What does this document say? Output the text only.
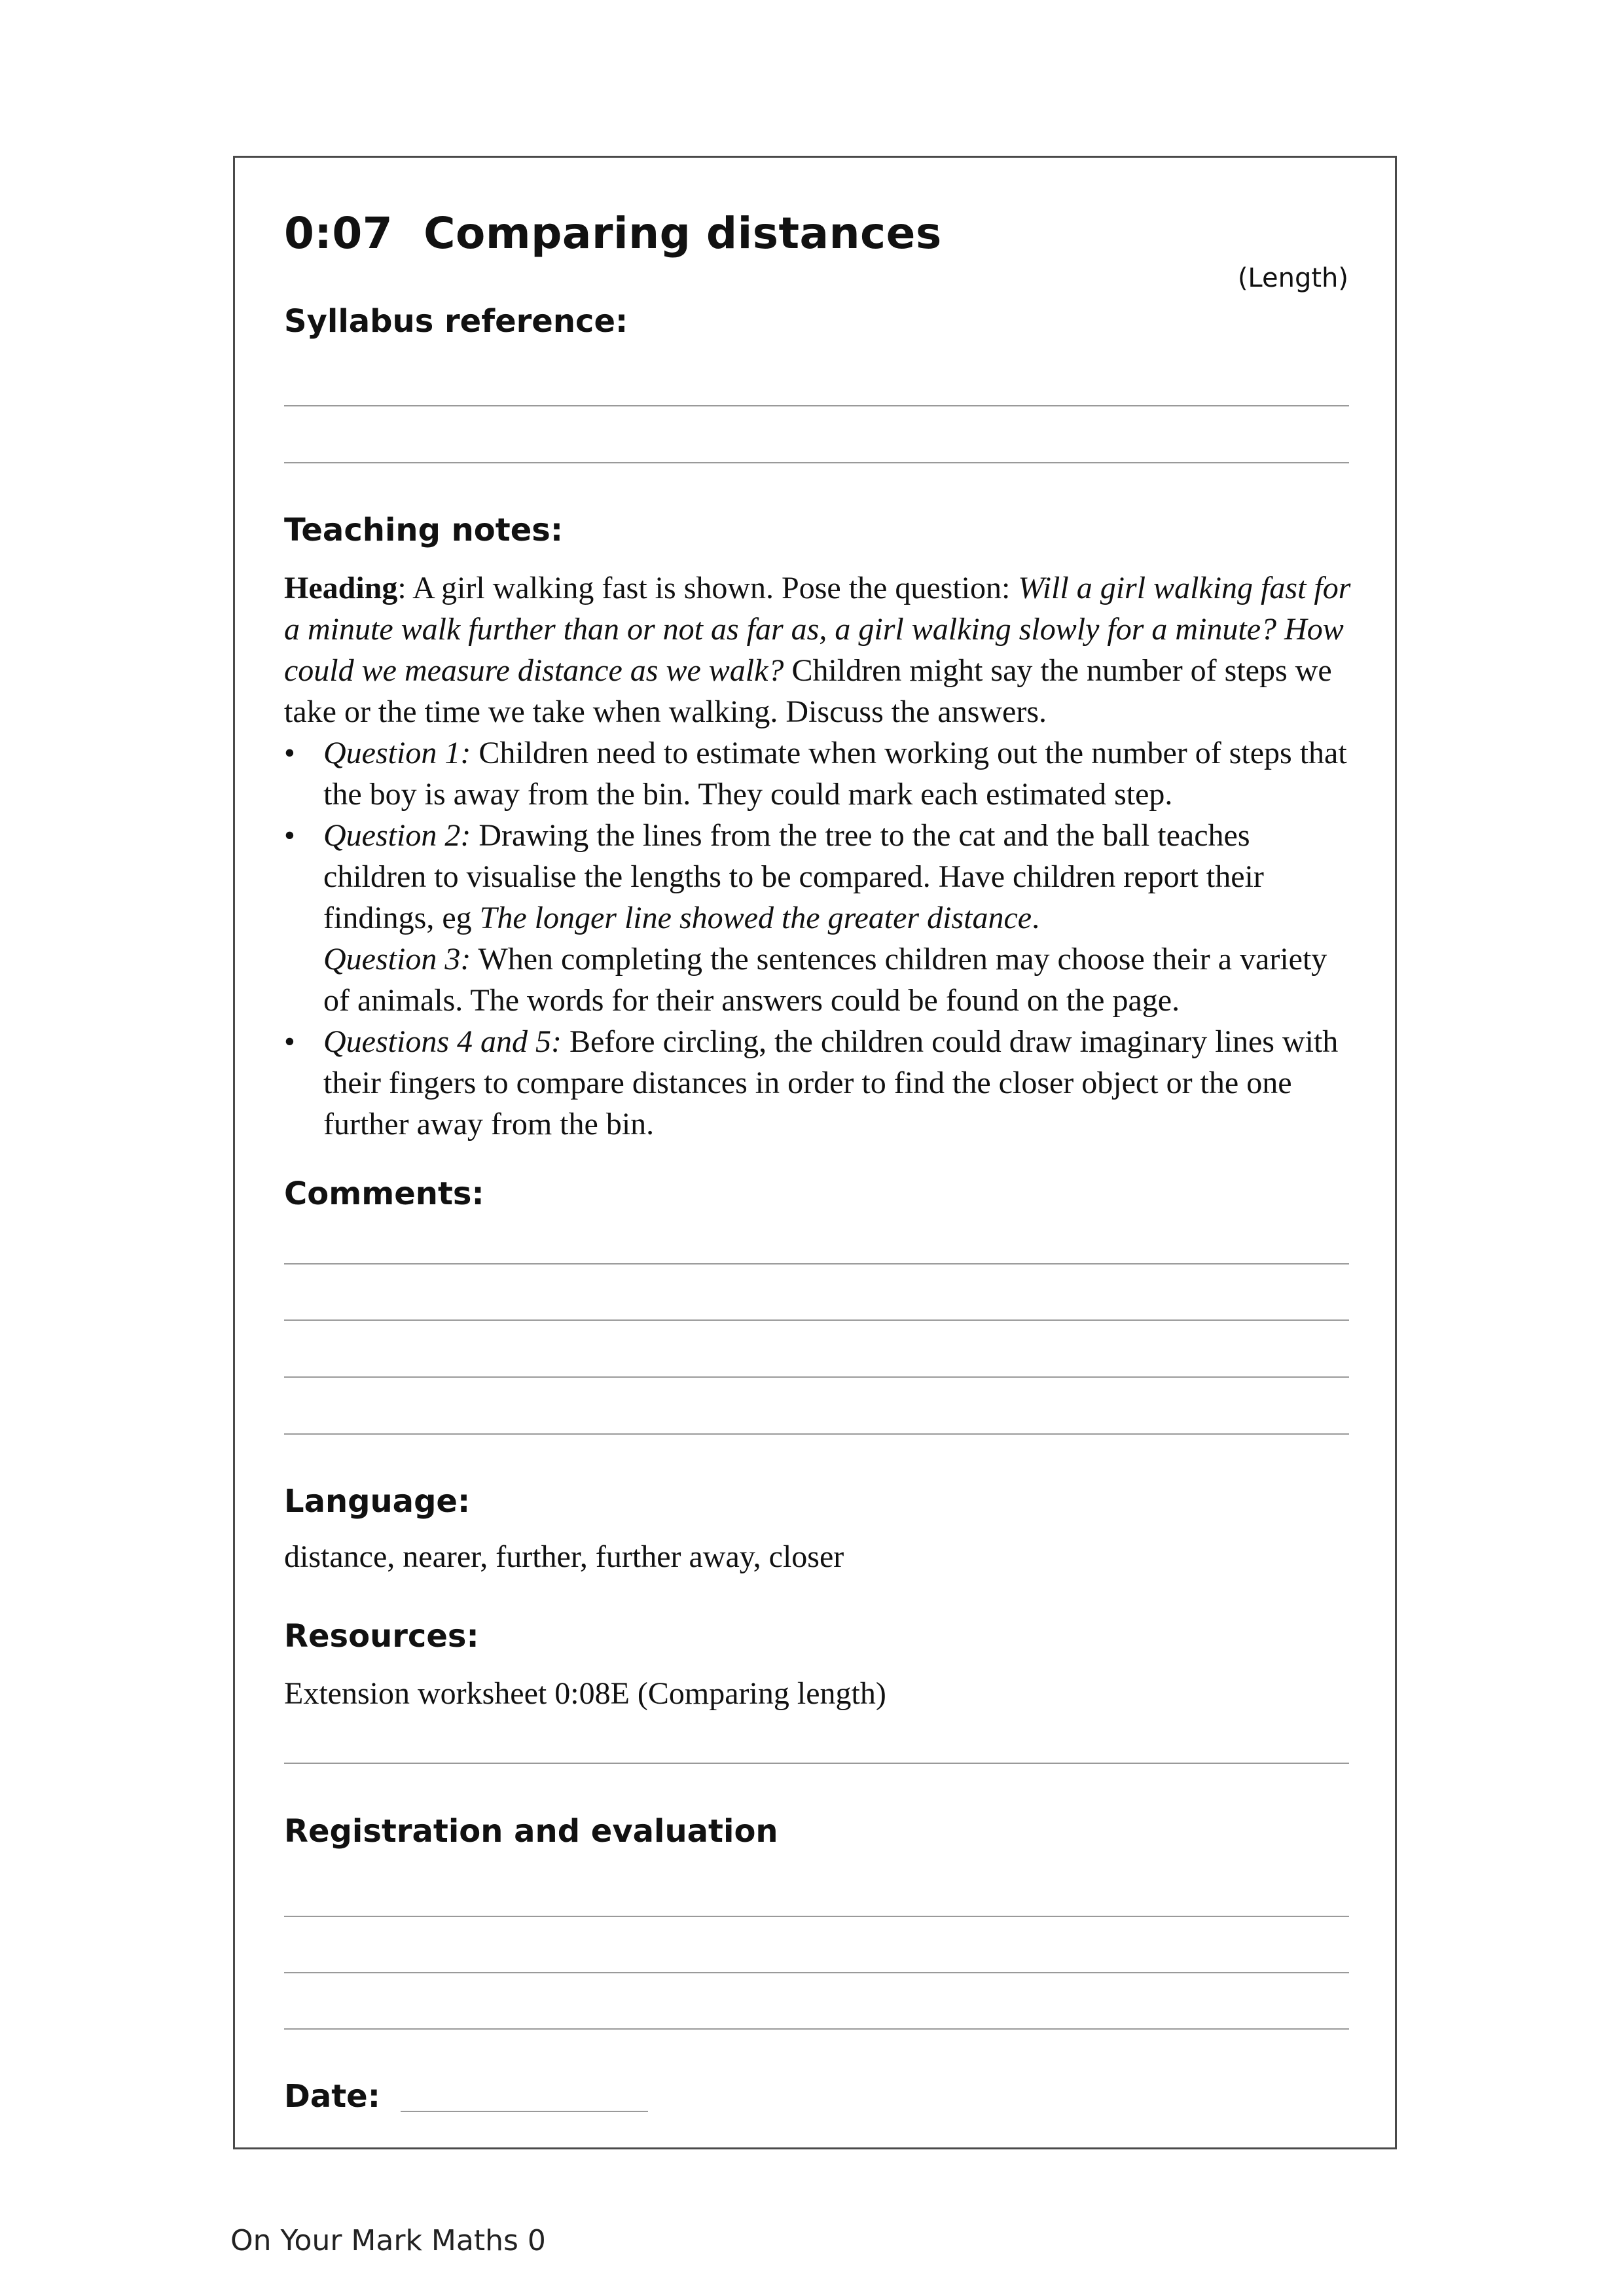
0:07  Comparing distances
(Length)
Syllabus reference:
Teaching notes:

Heading: A girl walking fast is shown. Pose the question: Will a girl walking fast for a minute walk further than or not as far as, a girl walking slowly for a minute? How could we measure distance as we walk? Children might say the number of steps we take or the time we take when walking. Discuss the answers.

• Question 1: Children need to estimate when working out the number of steps that the boy is away from the bin. They could mark each estimated step.
• Question 2: Drawing the lines from the tree to the cat and the ball teaches children to visualise the lengths to be compared. Have children report their findings, eg The longer line showed the greater distance.
Question 3: When completing the sentences children may choose their a variety of animals. The words for their answers could be found on the page.
• Questions 4 and 5: Before circling, the children could draw imaginary lines with their fingers to compare distances in order to find the closer object or the one further away from the bin.
Comments:
Language:
distance, nearer, further, further away, closer
Resources:
Extension worksheet 0:08E (Comparing length)
Registration and evaluation
Date:
On Your Mark Maths 0
